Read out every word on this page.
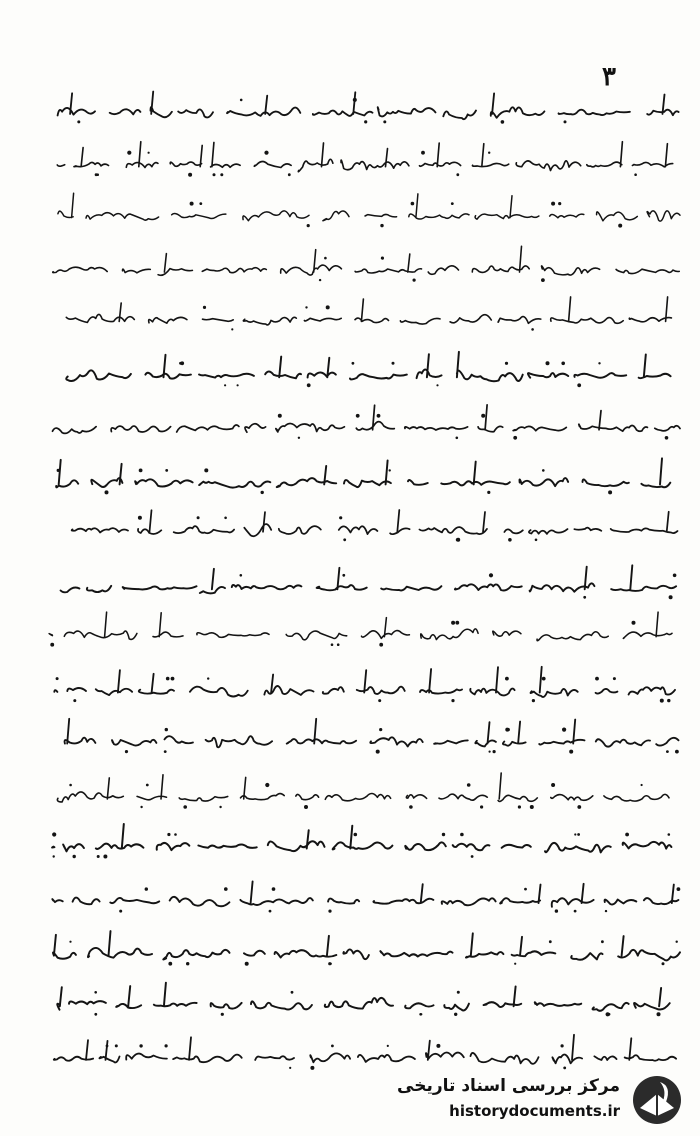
۳
مرکز بررسی اسناد تاریخی
historydocuments.ir
